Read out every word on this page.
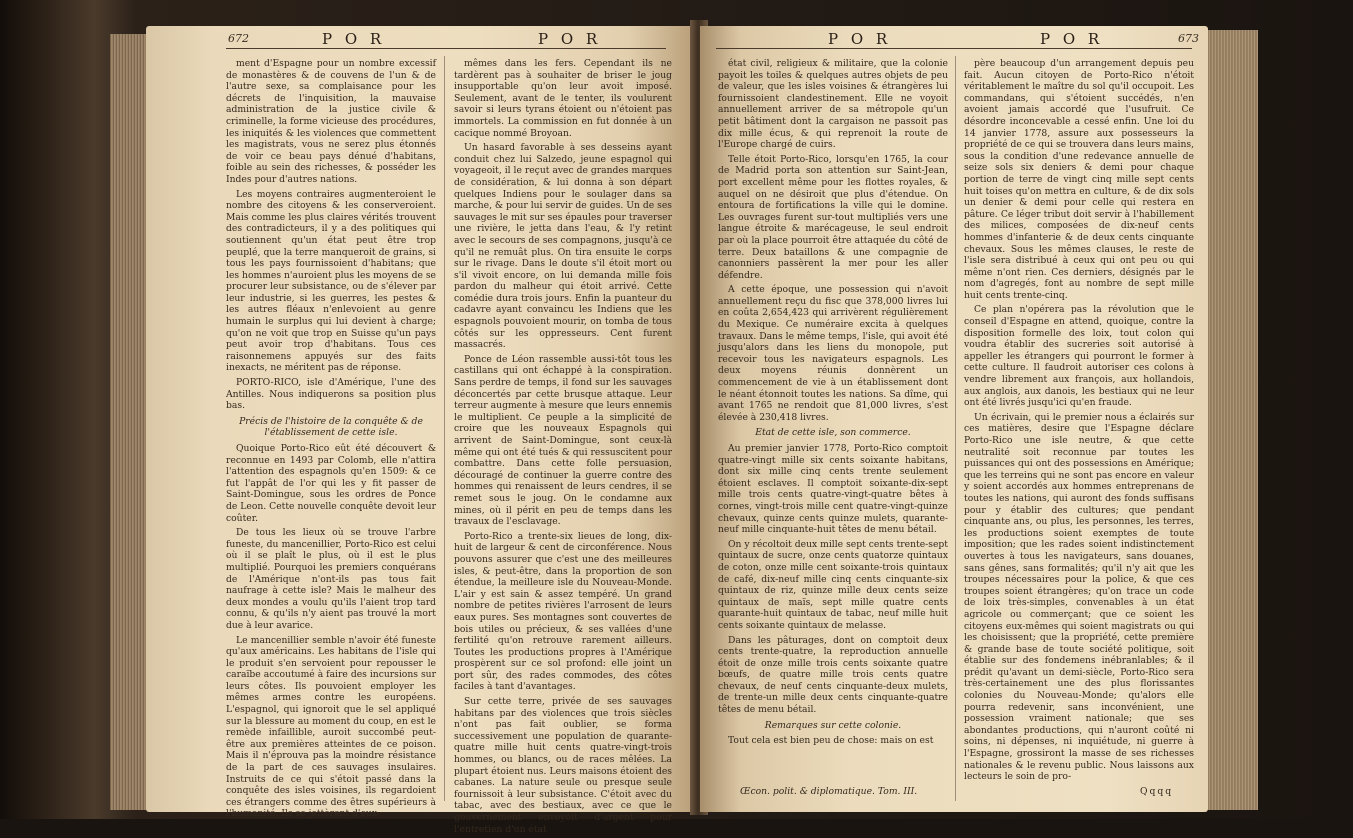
672	P O R	P O R

ment d'Espagne pour un nombre excessif de monastères & de couvens de l'un & de l'autre sexe, sa complaisance pour les décrets de l'inquisition, la mauvaise administration de la justice civile & criminelle, la forme vicieuse des procédures, les iniquités & les violences que commettent les magistrats, vous ne serez plus étonnés de voir ce beau pays dénué d'habitans, foible au sein des richesses, & posséder les Indes pour d'autres nations.

Les moyens contraires augmenteroient le nombre des citoyens & les conserveroient. Mais comme les plus claires vérités trouvent des contradicteurs, il y a des politiques qui soutiennent qu'un état peut être trop peuplé, que la terre manqueroit de grains, si tous les pays fournissoient d'habitans; que les hommes n'auroient plus les moyens de se procurer leur subsistance, ou de s'élever par leur industrie, si les guerres, les pestes & les autres fléaux n'enlevoient au genre humain le surplus qui lui devient à charge; qu'on ne voit que trop en Suisse qu'un pays peut avoir trop d'habitans. Tous ces raisonnemens appuyés sur des faits inexacts, ne méritent pas de réponse.

PORTO-RICO, isle d'Amérique, l'une des Antilles. Nous indiquerons sa position plus bas.

Précis de l'histoire de la conquête & de l'établissement de cette isle.

Quoique Porto-Rico eût été découvert & reconnue en 1493 par Colomb, elle n'attira l'attention des espagnols qu'en 1509: & ce fut l'appât de l'or qui les y fit passer de Saint-Domingue, sous les ordres de Ponce de Leon. Cette nouvelle conquête devoit leur coûter.

De tous les lieux où se trouve l'arbre funeste, du mancenillier, Porto-Rico est celui où il se plaît le plus, où il est le plus multiplié. Pourquoi les premiers conquérans de l'Amérique n'ont-ils pas tous fait naufrage à cette isle? Mais le malheur des deux mondes a voulu qu'ils l'aient trop tard connu, & qu'ils n'y aient pas trouvé la mort due à leur avarice.

Le mancenillier semble n'avoir été funeste qu'aux américains. Les habitans de l'isle qui le produit s'en servoient pour repousser le caraïbe accoutumé à faire des incursions sur leurs côtes. Ils pouvoient employer les mêmes armes contre les européens. L'espagnol, qui ignoroit que le sel appliqué sur la blessure au moment du coup, en est le remède infaillible, auroit succombé peut-être aux premières atteintes de ce poison. Mais il n'éprouva pas la moindre résistance de la part de ces sauvages insulaires. Instruits de ce qui s'étoit passé dans la conquête des isles voisines, ils regardoient ces étrangers comme des êtres supérieurs à l'humanité. Ils se jettèrent d'eux-

mêmes dans les fers. Cependant ils ne tardèrent pas à souhaiter de briser le joug insupportable qu'on leur avoit imposé. Seulement, avant de le tenter, ils voulurent savoir si leurs tyrans étoient ou n'étoient pas immortels. La commission en fut donnée à un cacique nommé Broyoan.

Un hasard favorable à ses desseins ayant conduit chez lui Salzedo, jeune espagnol qui voyageoit, il le reçut avec de grandes marques de considération, & lui donna à son départ quelques Indiens pour le soulager dans sa marche, & pour lui servir de guides. Un de ses sauvages le mit sur ses épaules pour traverser une rivière, le jetta dans l'eau, & l'y retint avec le secours de ses compagnons, jusqu'à ce qu'il ne remuât plus. On tira ensuite le corps sur le rivage. Dans le doute s'il étoit mort ou s'il vivoit encore, on lui demanda mille fois pardon du malheur qui étoit arrivé. Cette comédie dura trois jours. Enfin la puanteur du cadavre ayant convaincu les Indiens que les espagnols pouvoient mourir, on tomba de tous côtés sur les oppresseurs. Cent furent massacrés.

Ponce de Léon rassemble aussi-tôt tous les castillans qui ont échappé à la conspiration. Sans perdre de temps, il fond sur les sauvages déconcertés par cette brusque attaque. Leur terreur augmente à mesure que leurs ennemis le multiplient. Ce peuple a la simplicité de croire que les nouveaux Espagnols qui arrivent de Saint-Domingue, sont ceux-là même qui ont été tués & qui ressuscitent pour combattre. Dans cette folle persuasion, découragé de continuer la guerre contre des hommes qui renaissent de leurs cendres, il se remet sous le joug. On le condamne aux mines, où il périt en peu de temps dans les travaux de l'esclavage.

Porto-Rico a trente-six lieues de long, dix-huit de largeur & cent de circonférence. Nous pouvons assurer que c'est une des meilleures isles, & peut-être, dans la proportion de son étendue, la meilleure isle du Nouveau-Monde. L'air y est sain & assez tempéré. Un grand nombre de petites rivières l'arrosent de leurs eaux pures. Ses montagnes sont couvertes de bois utiles ou précieux, & ses vallées d'une fertilité qu'on retrouve rarement ailleurs. Toutes les productions propres à l'Amérique prospèrent sur ce sol profond: elle joint un port sûr, des rades commodes, des côtes faciles à tant d'avantages.

Sur cette terre, privée de ses sauvages habitans par des violences que trois siècles n'ont pas fait oublier, se forma successivement une population de quarante-quatre mille huit cents quatre-vingt-trois hommes, ou blancs, ou de races mêlées. La plupart étoient nus. Leurs maisons étoient des cabanes. La nature seule ou presque seule fournissoit à leur subsistance. C'étoit avec du tabac, avec des bestiaux, avec ce que le gouvernement envoyoit d'argent pour l'entretien d'un état

P O R	P O R	673

état civil, religieux & militaire, que la colonie payoit les toiles & quelques autres objets de peu de valeur, que les isles voisines & étrangères lui fournissoient clandestinement. Elle ne voyoit annuellement arriver de sa métropole qu'un petit bâtiment dont la cargaison ne passoit pas dix mille écus, & qui reprenoit la route de l'Europe chargé de cuirs.

Telle étoit Porto-Rico, lorsqu'en 1765, la cour de Madrid porta son attention sur Saint-Jean, port excellent même pour les flottes royales, & auquel on ne désiroit que plus d'étendue. On entoura de fortifications la ville qui le domine. Les ouvrages furent sur-tout multipliés vers une langue étroite & marécageuse, le seul endroit par où la place pourroit être attaquée du côté de terre. Deux bataillons & une compagnie de canonniers passèrent la mer pour les aller défendre.

A cette époque, une possession qui n'avoit annuellement reçu du fisc que 378,000 livres lui en coûta 2,654,423 qui arrivèrent régulièrement du Mexique. Ce numéraire excita à quelques travaux. Dans le même temps, l'isle, qui avoit été jusqu'alors dans les liens du monopole, put recevoir tous les navigateurs espagnols. Les deux moyens réunis donnèrent un commencement de vie à un établissement dont le néant étonnoit toutes les nations. Sa dîme, qui avant 1765 ne rendoit que 81,000 livres, s'est élevée à 230,418 livres.

Etat de cette isle, son commerce.

Au premier janvier 1778, Porto-Rico comptoit quatre-vingt mille six cents soixante habitans, dont six mille cinq cents trente seulement étoient esclaves. Il comptoit soixante-dix-sept mille trois cents quatre-vingt-quatre bêtes à cornes, vingt-trois mille cent quatre-vingt-quinze chevaux, quinze cents quinze mulets, quarante-neuf mille cinquante-huit têtes de menu bétail.

On y récoltoit deux mille sept cents trente-sept quintaux de sucre, onze cents quatorze quintaux de coton, onze mille cent soixante-trois quintaux de café, dix-neuf mille cinq cents cinquante-six quintaux de riz, quinze mille deux cents seize quintaux de maïs, sept mille quatre cents quarante-huit quintaux de tabac, neuf mille huit cents soixante quintaux de melasse.

Dans les pâturages, dont on comptoit deux cents trente-quatre, la reproduction annuelle étoit de onze mille trois cents soixante quatre bœufs, de quatre mille trois cents quatre chevaux, de neuf cents cinquante-deux mulets, de trente-un mille deux cents cinquante-quatre têtes de menu bétail.

Remarques sur cette colonie.

Tout cela est bien peu de chose: mais on est

père beaucoup d'un arrangement depuis peu fait. Aucun citoyen de Porto-Rico n'étoit véritablement le maître du sol qu'il occupoit. Les commandans, qui s'étoient succédés, n'en avoient jamais accordé que l'usufruit. Ce désordre inconcevable a cessé enfin. Une loi du 14 janvier 1778, assure aux possesseurs la propriété de ce qui se trouvera dans leurs mains, sous la condition d'une redevance annuelle de seize sols six deniers & demi pour chaque portion de terre de vingt cinq mille sept cents huit toises qu'on mettra en culture, & de dix sols un denier & demi pour celle qui restera en pâture. Ce léger tribut doit servir à l'habillement des milices, composées de dix-neuf cents hommes d'infanterie & de deux cents cinquante chevaux. Sous les mêmes clauses, le reste de l'isle sera distribué à ceux qui ont peu ou qui même n'ont rien. Ces derniers, désignés par le nom d'agregés, font au nombre de sept mille huit cents trente-cinq.

Ce plan n'opérera pas la révolution que le conseil d'Espagne en attend, quoique, contre la disposition formelle des loix, tout colon qui voudra établir des sucreries soit autorisé à appeller les étrangers qui pourront le former à cette culture. Il faudroit autoriser ces colons à vendre librement aux françois, aux hollandois, aux anglois, aux danois, les bestiaux qui ne leur ont été livrés jusqu'ici qu'en fraude.

Un écrivain, qui le premier nous a éclairés sur ces matières, desire que l'Espagne déclare Porto-Rico une isle neutre, & que cette neutralité soit reconnue par toutes les puissances qui ont des possessions en Amérique; que les terreins qui ne sont pas encore en valeur y soient accordés aux hommes entreprenans de toutes les nations, qui auront des fonds suffisans pour y établir des cultures; que pendant cinquante ans, ou plus, les personnes, les terres, les productions soient exemptes de toute imposition; que les rades soient indistinctement ouvertes à tous les navigateurs, sans douanes, sans gênes, sans formalités; qu'il n'y ait que les troupes nécessaires pour la police, & que ces troupes soient étrangères; qu'on trace un code de loix très-simples, convenables à un état agricole ou commerçant; que ce soient les citoyens eux-mêmes qui soient magistrats ou qui les choisissent; que la propriété, cette première & grande base de toute société politique, soit établie sur des fondemens inébranlables; & il prédit qu'avant un demi-siècle, Porto-Rico sera très-certainement une des plus florissantes colonies du Nouveau-Monde; qu'alors elle pourra redevenir, sans inconvénient, une possession vraiment nationale; que ses abondantes productions, qui n'auront coûté ni soins, ni dépenses, ni inquiétude, ni guerre à l'Espagne, grossiront la masse de ses richesses nationales & le revenu public. Nous laissons aux lecteurs le soin de pro-

Œcon. polit. & diplomatique. Tom. III.	Qqqq
